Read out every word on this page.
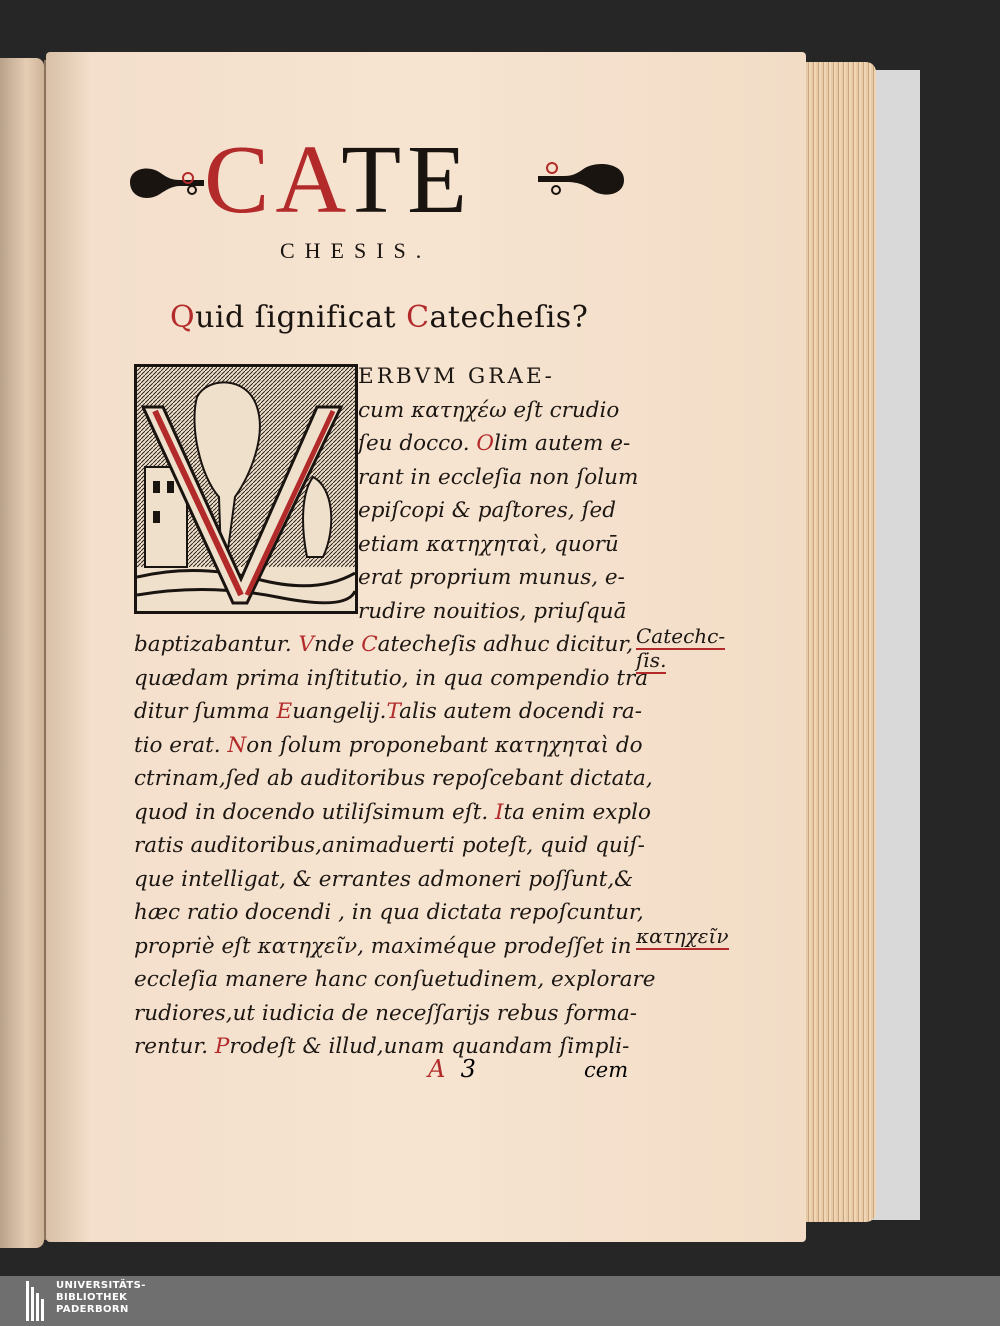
CATE
CHESIS.
Quid ſignificat Catecheſis?
ERBVM GRAE-
cum κατηχέω eſt crudio
ſeu docco. Olim autem e-
rant in eccleſia non ſolum
epiſcopi & paſtores, ſed
etiam κατηχηταὶ, quorū
erat proprium munus, e-
rudire nouitios, priuſquā
baptizabantur. Vnde Catecheſis adhuc dicitur,
quædam prima inſtitutio, in qua compendio tra
ditur ſumma Euangelij.Talis autem docendi ra-
tio erat. Non ſolum proponebant κατηχηταὶ do
ctrinam,ſed ab auditoribus repoſcebant dictata,
quod in docendo utiliſsimum eſt. Ita enim explo
ratis auditoribus,animaduerti poteſt, quid quiſ-
que intelligat, & errantes admoneri poſſunt,&
hæc ratio docendi , in qua dictata repoſcuntur,
propriè eſt κατηχεῖν, maximéque prodeſſet in
eccleſia manere hanc conſuetudinem, explorare
rudiores,ut iudicia de neceſſarijs rebus forma-
rentur. Prodeſt & illud,unam quandam ſimpli-
Catechc-
ſis.
κατηχεῖν
A 3	cem
UNIVERSITÄTS-
BIBLIOTHEK
PADERBORN
